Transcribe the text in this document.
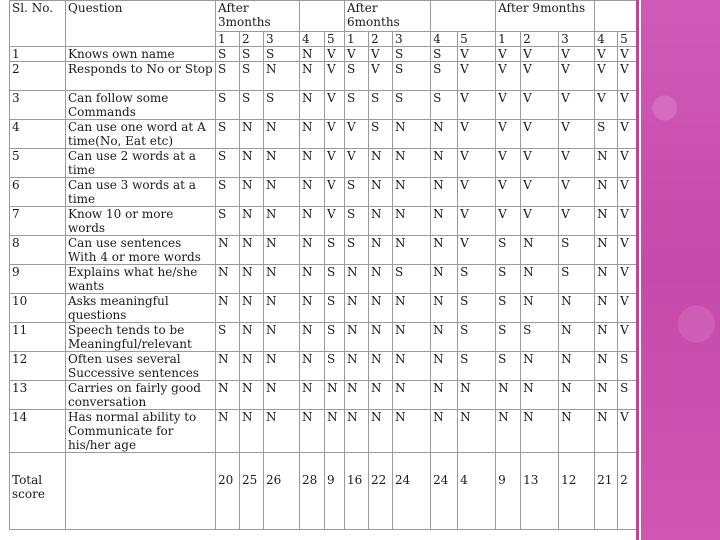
Sl. No.	Question	After 3months					After 6months					After 9months				
		1	2	3	4	5	1	2	3	4	5	1	2	3	4	5
1	Knows own name	S	S	S	N	V	V	V	S	S	V	V	V	V	V	V
2	Responds to No or Stop	S	S	N	N	V	S	V	S	S	V	V	V	V	V	V
3	Can follow some Commands	S	S	S	N	V	S	S	S	S	V	V	V	V	V	V
4	Can use one word at A time(No, Eat etc)	S	N	N	N	V	V	S	N	N	V	V	V	V	S	V
5	Can use 2 words at a time	S	N	N	N	V	V	N	N	N	V	V	V	V	N	V
6	Can use 3 words at a time	S	N	N	N	V	S	N	N	N	V	V	V	V	N	V
7	Know 10 or more words	S	N	N	N	V	S	N	N	N	V	V	V	V	N	V
8	Can use sentences With 4 or more words	N	N	N	N	S	S	N	N	N	V	S	N	S	N	V
9	Explains what he/she wants	N	N	N	N	S	N	N	S	N	S	S	N	S	N	V
10	Asks meaningful questions	N	N	N	N	S	N	N	N	N	S	S	N	N	N	V
11	Speech tends to be Meaningful/relevant	S	N	N	N	S	N	N	N	N	S	S	S	N	N	V
12	Often uses several Successive sentences	N	N	N	N	S	N	N	N	N	S	S	N	N	N	S
13	Carries on fairly good conversation	N	N	N	N	N	N	N	N	N	N	N	N	N	N	S
14	Has normal ability to Communicate for his/her age	N	N	N	N	N	N	N	N	N	N	N	N	N	N	V
Total score		20	25	26	28	9	16	22	24	24	4	9	13	12	21	2
